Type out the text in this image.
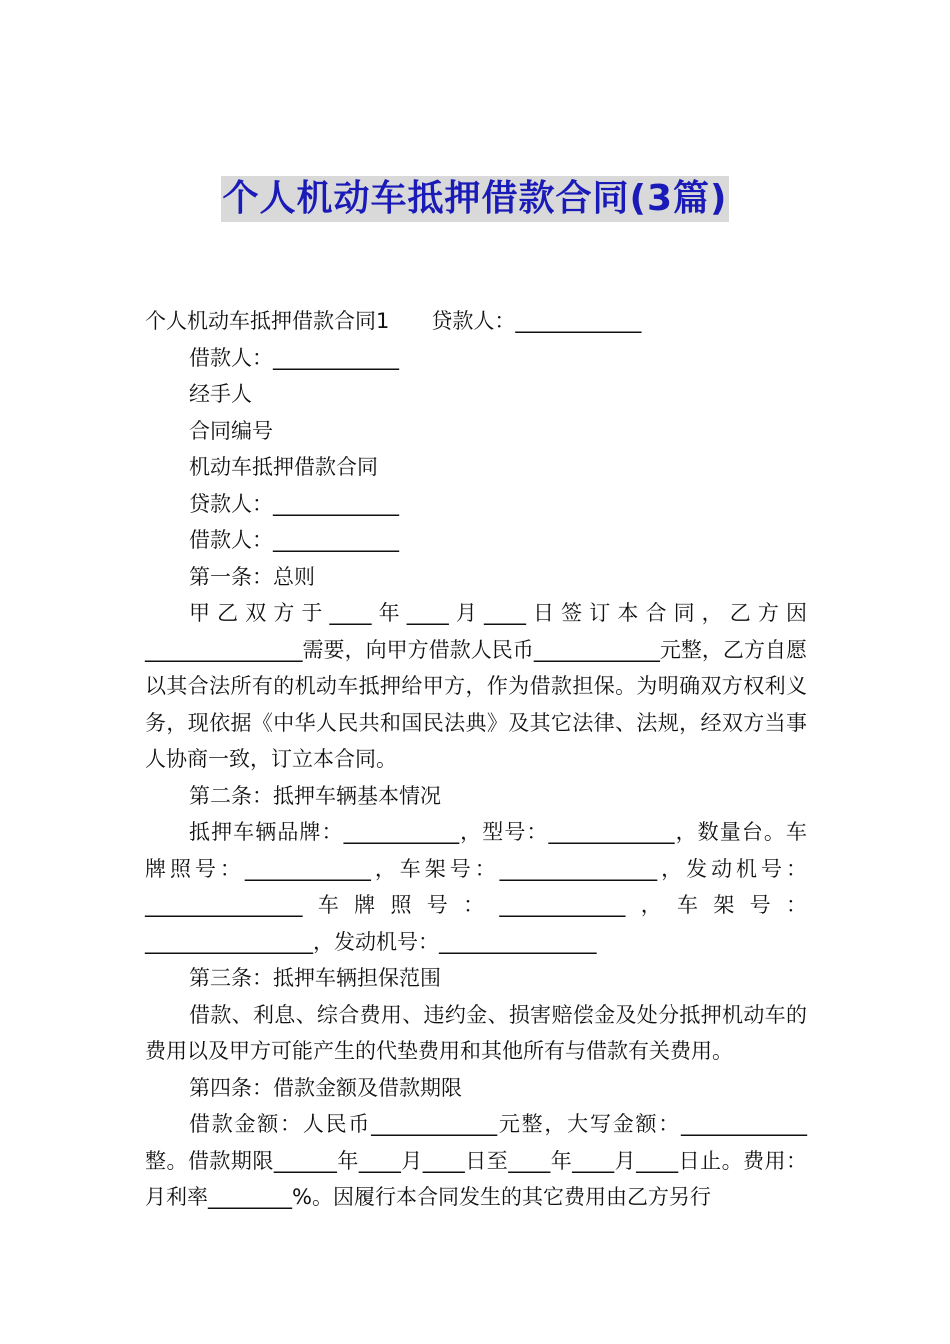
个人机动车抵押借款合同(3篇)

个人机动车抵押借款合同1 贷款人：____________

借款人：____________

经手人

合同编号

机动车抵押借款合同

贷款人：____________

借款人：____________

第一条：总则

甲乙双方于____年____月____日签订本合同，乙方因_______________需要，向甲方借款人民币____________元整，乙方自愿以其合法所有的机动车抵押给甲方，作为借款担保。为明确双方权利义务，现依据《中华人民共和国民法典》及其它法律、法规，经双方当事人协商一致，订立本合同。

第二条：抵押车辆基本情况

抵押车辆品牌：___________，型号：____________，数量台。车牌照号：____________，车架号：_______________，发动机号：_______________车牌照号：____________，车架号：________________，发动机号：_______________

第三条：抵押车辆担保范围

借款、利息、综合费用、违约金、损害赔偿金及处分抵押机动车的费用以及甲方可能产生的代垫费用和其他所有与借款有关费用。

第四条：借款金额及借款期限

借款金额：人民币____________元整，大写金额：____________整。借款期限______年____月____日至____年____月____日止。费用：月利率________%。因履行本合同发生的其它费用由乙方另行
